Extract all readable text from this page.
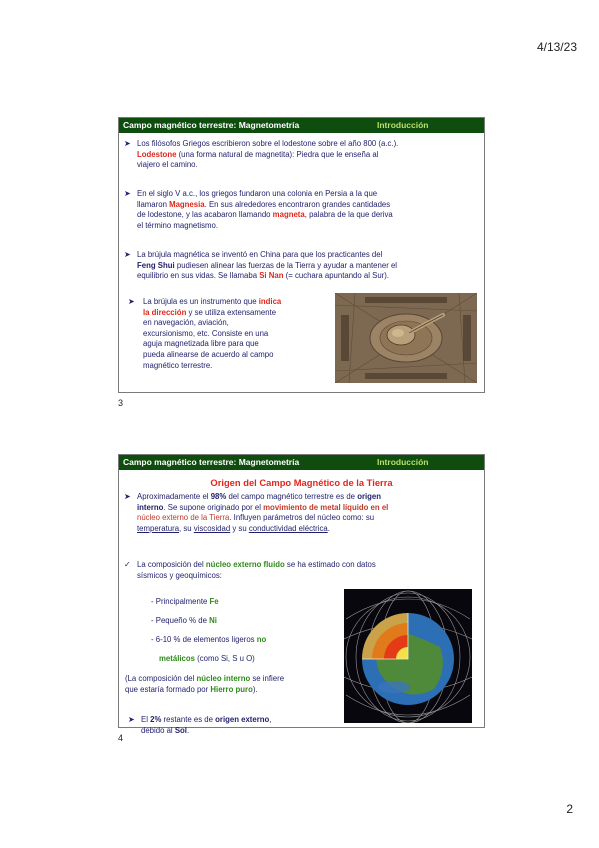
4/13/23
Campo magnético terrestre: Magnetometría	Introducción
➤ Los filósofos Griegos escribieron sobre el lodestone sobre el año 800 (a.c.).
Lodestone (una forma natural de magnetita): Piedra que le enseña al
viajero el camino.
➤ En el siglo V a.c., los griegos fundaron una colonia en Persia a la que
llamaron Magnesia. En sus alrededores encontraron grandes cantidades
de lodestone, y las acabaron llamando magneta, palabra de la que deriva
el término magnetismo.
➤ La brújula magnética se inventó en China para que los practicantes del
Feng Shui pudiesen alinear las fuerzas de la Tierra y ayudar a mantener el
equilibrio en sus vidas. Se llamaba Si Nan (= cuchara apuntando al Sur).
➤ La brújula es un instrumento que indica
la dirección y se utiliza extensamente
en navegación, aviación,
excursionismo, etc. Consiste en una
aguja magnetizada libre para que
pueda alinearse de acuerdo al campo
magnético terrestre.
3
Campo magnético terrestre: Magnetometría	Introducción
Origen del Campo Magnético de la Tierra
➤ Aproximadamente el 98% del campo magnético terrestre es de origen
interno. Se supone originado por el movimiento de metal líquido en el
núcleo externo de la Tierra. Influyen parámetros del núcleo como: su
temperatura, su viscosidad y su conductividad eléctrica.
✓ La composición del núcleo externo fluido se ha estimado con datos
sísmicos y geoquímicos:
- Principalmente Fe
- Pequeño % de Ni
- 6-10 % de elementos ligeros no
metálicos (como Si, S u O)
(La composición del núcleo interno se infiere
que estaría formado por Hierro puro).
➤ El 2% restante es de origen externo,
debido al Sol.
4
2
